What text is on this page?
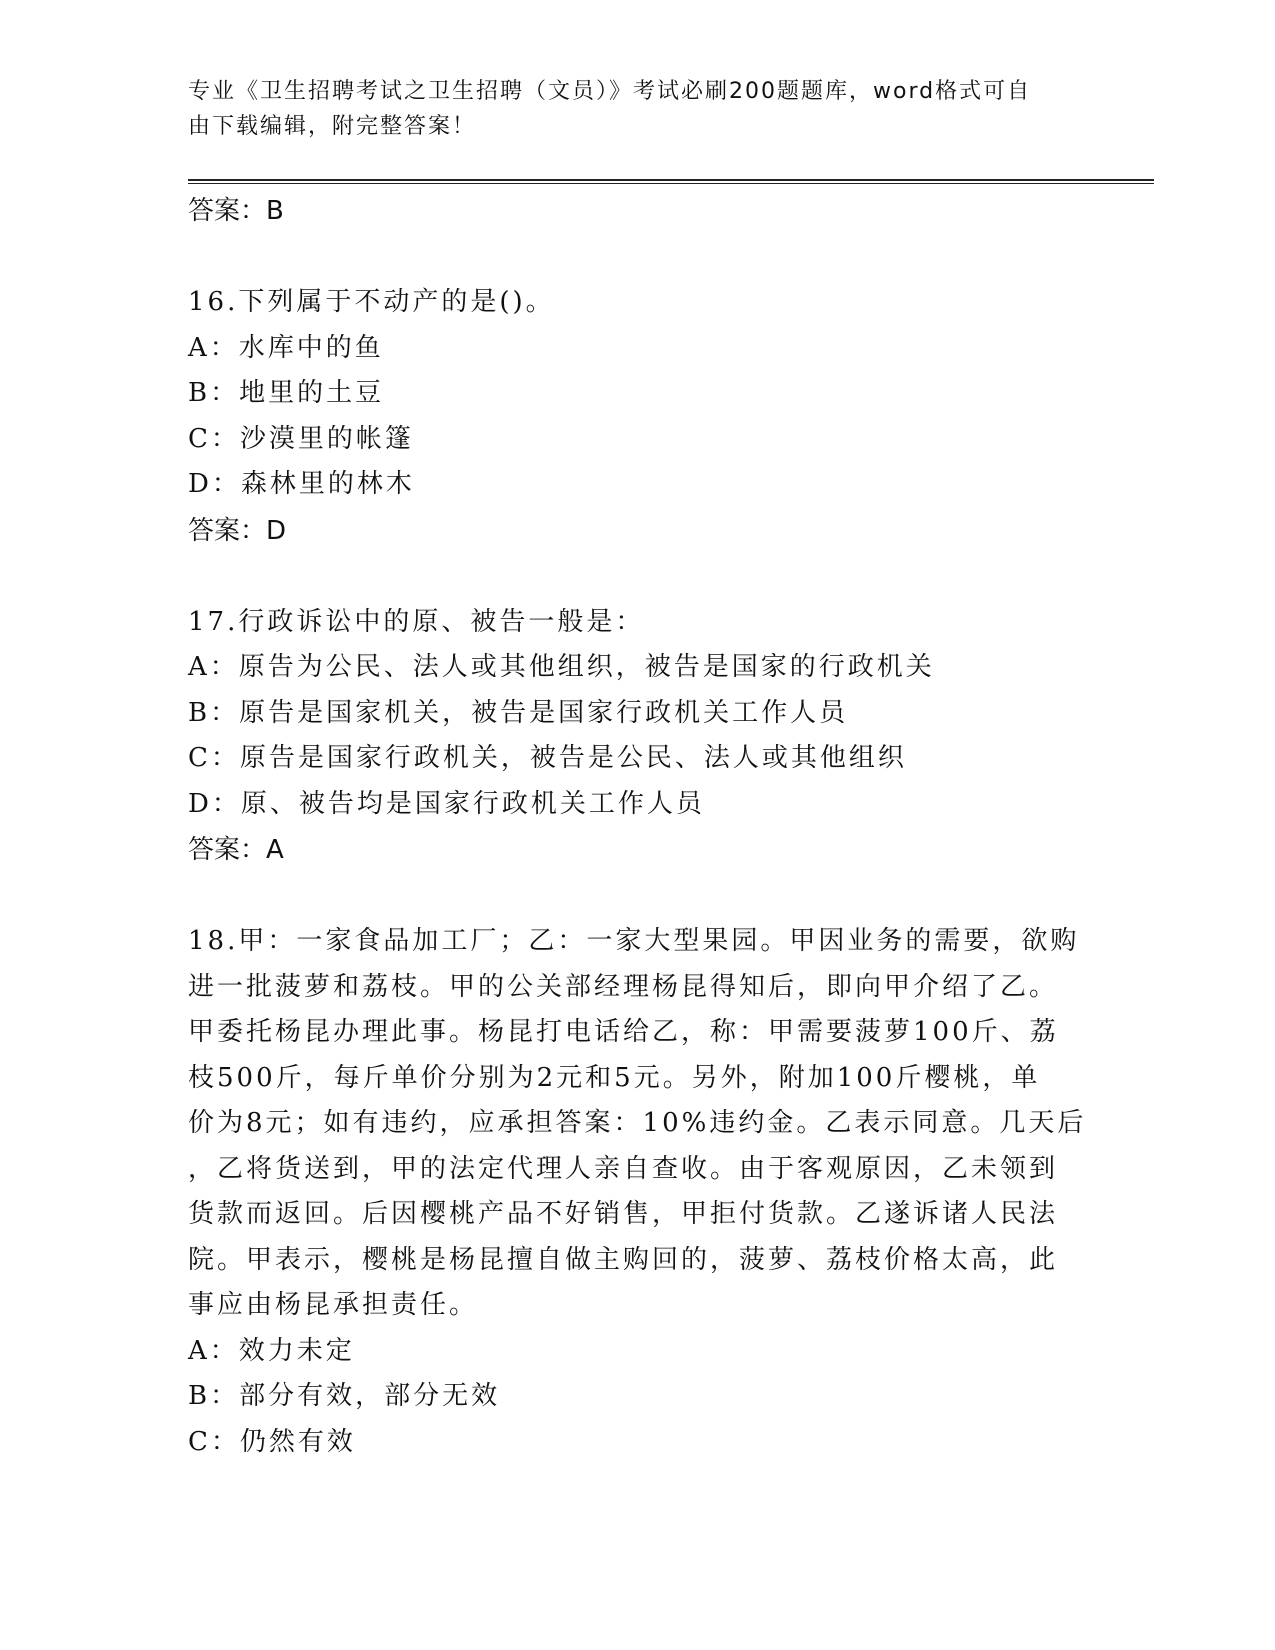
专业《卫生招聘考试之卫生招聘（文员）》考试必刷200题题库，word格式可自
由下载编辑，附完整答案！
答案：B
16.下列属于不动产的是()。
A：水库中的鱼
B：地里的土豆
C：沙漠里的帐篷
D：森林里的林木
答案：D
17.行政诉讼中的原、被告一般是：
A：原告为公民、法人或其他组织，被告是国家的行政机关
B：原告是国家机关，被告是国家行政机关工作人员
C：原告是国家行政机关，被告是公民、法人或其他组织
D：原、被告均是国家行政机关工作人员
答案：A
18.甲：一家食品加工厂；乙：一家大型果园。甲因业务的需要，欲购
进一批菠萝和荔枝。甲的公关部经理杨昆得知后，即向甲介绍了乙。
甲委托杨昆办理此事。杨昆打电话给乙，称：甲需要菠萝100斤、荔
枝500斤，每斤单价分别为2元和5元。另外，附加100斤樱桃，单
价为8元；如有违约，应承担答案：10%违约金。乙表示同意。几天后
，乙将货送到，甲的法定代理人亲自查收。由于客观原因，乙未领到
货款而返回。后因樱桃产品不好销售，甲拒付货款。乙遂诉诸人民法
院。甲表示，樱桃是杨昆擅自做主购回的，菠萝、荔枝价格太高，此
事应由杨昆承担责任。
A：效力未定
B：部分有效，部分无效
C：仍然有效
